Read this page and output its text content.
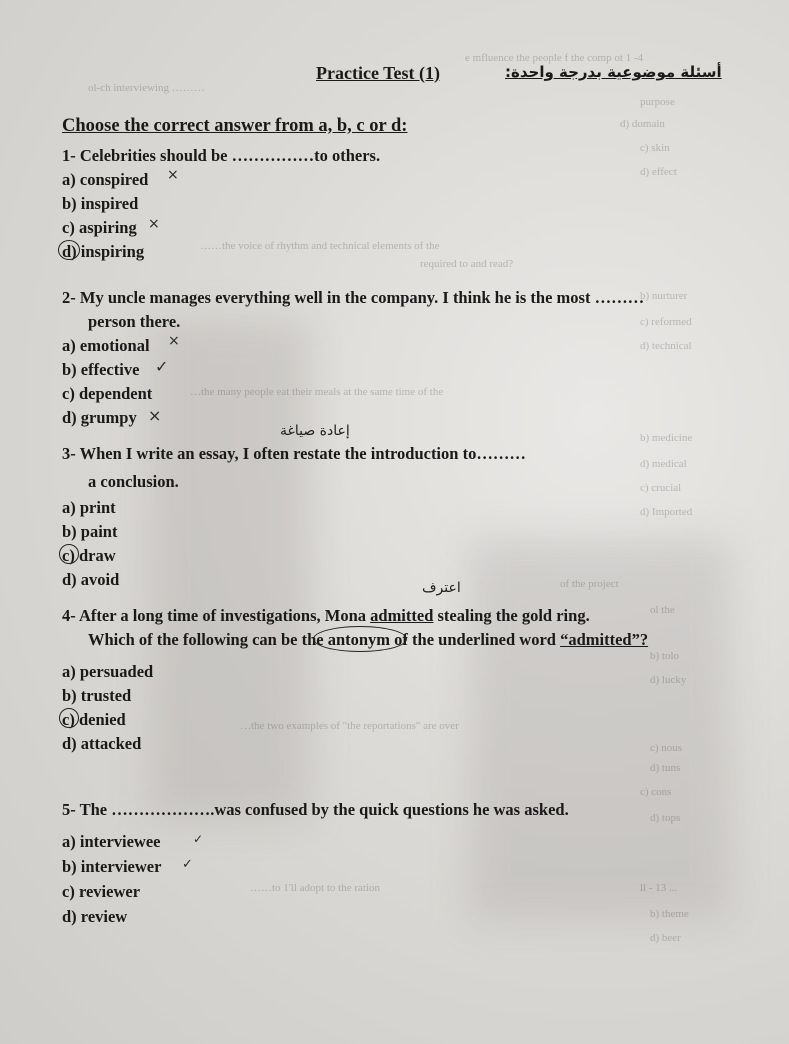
ol-ch interviewing ………
e mfluence the people f the comp ot 1 -4
purpose
d) domain
c) skin
d) effect
……the voice of rhythm and technical elements of the
required to and read?
b) nurturer
c) reformed
d) technical
…the many people eat their meals at the same time of the
b) medicine
d) medical
c) crucial
d) Imported
of the project
ol the
b) tolo
d) lucky
…the two examples of "the reportations" are over
c) nous
d) tuns
c) cons
d) tops
……to 1'll adopt to the ration	ll - 13 ...
b) theme
d) beer
Practice Test (1)	أسئلة موضوعية بدرجة واحدة:
Choose the correct answer from a, b, c or d:
1- Celebrities should be ……………to others.
a) conspired ×
b) inspired
c) aspiring ×
d) inspiring
2- My uncle manages everything well in the company. I think he is the most ………
person there.
a) emotional ×
b) effective ✓
c) dependent
d) grumpy ×
إعادة صياغة
3- When I write an essay, I often restate the introduction to………
a conclusion.
a) print
b) paint
c) draw
d) avoid	اعترف
4- After a long time of investigations, Mona admitted stealing the gold ring.
Which of the following can be the antonym of the underlined word “admitted”?
a) persuaded
b) trusted
c) denied
d) attacked
5- The ……………….was confused by the quick questions he was asked.
a) interviewee	✓
b) interviewer ✓
c) reviewer
d) review
